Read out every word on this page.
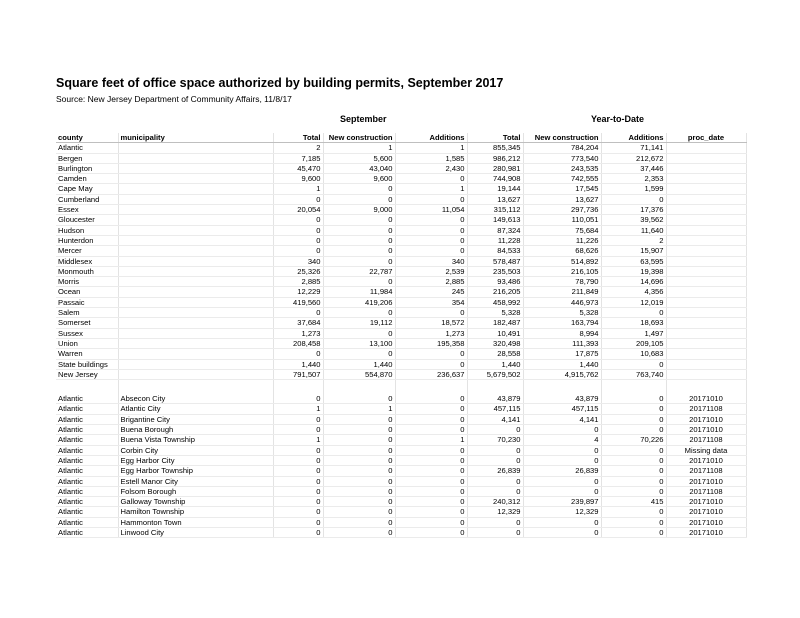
Square feet of office space authorized by building permits, September 2017
Source: New Jersey Department of Community Affairs, 11/8/17
September	Year-to-Date
county	municipality	Total	New construction	Additions	Total	New construction	Additions	proc_date
Atlantic		2	1	1	855,345	784,204	71,141	
Bergen		7,185	5,600	1,585	986,212	773,540	212,672	
Burlington		45,470	43,040	2,430	280,981	243,535	37,446	
Camden		9,600	9,600	0	744,908	742,555	2,353	
Cape May		1	0	1	19,144	17,545	1,599	
Cumberland		0	0	0	13,627	13,627	0	
Essex		20,054	9,000	11,054	315,112	297,736	17,376	
Gloucester		0	0	0	149,613	110,051	39,562	
Hudson		0	0	0	87,324	75,684	11,640	
Hunterdon		0	0	0	11,228	11,226	2	
Mercer		0	0	0	84,533	68,626	15,907	
Middlesex		340	0	340	578,487	514,892	63,595	
Monmouth		25,326	22,787	2,539	235,503	216,105	19,398	
Morris		2,885	0	2,885	93,486	78,790	14,696	
Ocean		12,229	11,984	245	216,205	211,849	4,356	
Passaic		419,560	419,206	354	458,992	446,973	12,019	
Salem		0	0	0	5,328	5,328	0	
Somerset		37,684	19,112	18,572	182,487	163,794	18,693	
Sussex		1,273	0	1,273	10,491	8,994	1,497	
Union		208,458	13,100	195,358	320,498	111,393	209,105	
Warren		0	0	0	28,558	17,875	10,683	
State buildings		1,440	1,440	0	1,440	1,440	0	
New Jersey		791,507	554,870	236,637	5,679,502	4,915,762	763,740	

Atlantic	Absecon City	0	0	0	43,879	43,879	0	20171010
Atlantic	Atlantic City	1	1	0	457,115	457,115	0	20171108
Atlantic	Brigantine City	0	0	0	4,141	4,141	0	20171010
Atlantic	Buena Borough	0	0	0	0	0	0	20171010
Atlantic	Buena Vista Township	1	0	1	70,230	4	70,226	20171108
Atlantic	Corbin City	0	0	0	0	0	0	Missing data
Atlantic	Egg Harbor City	0	0	0	0	0	0	20171010
Atlantic	Egg Harbor Township	0	0	0	26,839	26,839	0	20171108
Atlantic	Estell Manor City	0	0	0	0	0	0	20171010
Atlantic	Folsom Borough	0	0	0	0	0	0	20171108
Atlantic	Galloway Township	0	0	0	240,312	239,897	415	20171010
Atlantic	Hamilton Township	0	0	0	12,329	12,329	0	20171010
Atlantic	Hammonton Town	0	0	0	0	0	0	20171010
Atlantic	Linwood City	0	0	0	0	0	0	20171010
